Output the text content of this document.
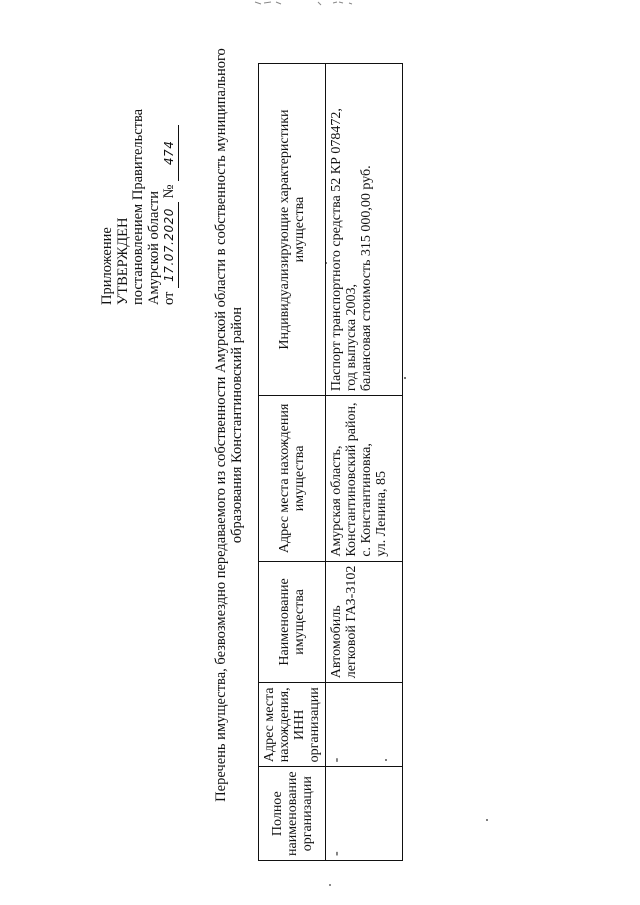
Приложение УТВЕРЖДЕН постановлением Правительства Амурской области от 17.07.2020 № 474	Перечень имущества, безвозмездно передаваемого из собственности Амурской области в собственность муниципального образования Константиновский район
Полное наименование организации	Адрес места нахождения, ИНН организации	Наименование имущества	Адрес места нахождения имущества	Индивидуализирующие характеристики имущества

-	-	Автомобиль легковой ГАЗ-3102	Амурская область, Константиновский район, с. Константиновка, ул. Ленина, 85	Паспорт транспортного средства 52 КР 078472, год выпуска 2003, балансовая стоимость 315 000,00 руб.
